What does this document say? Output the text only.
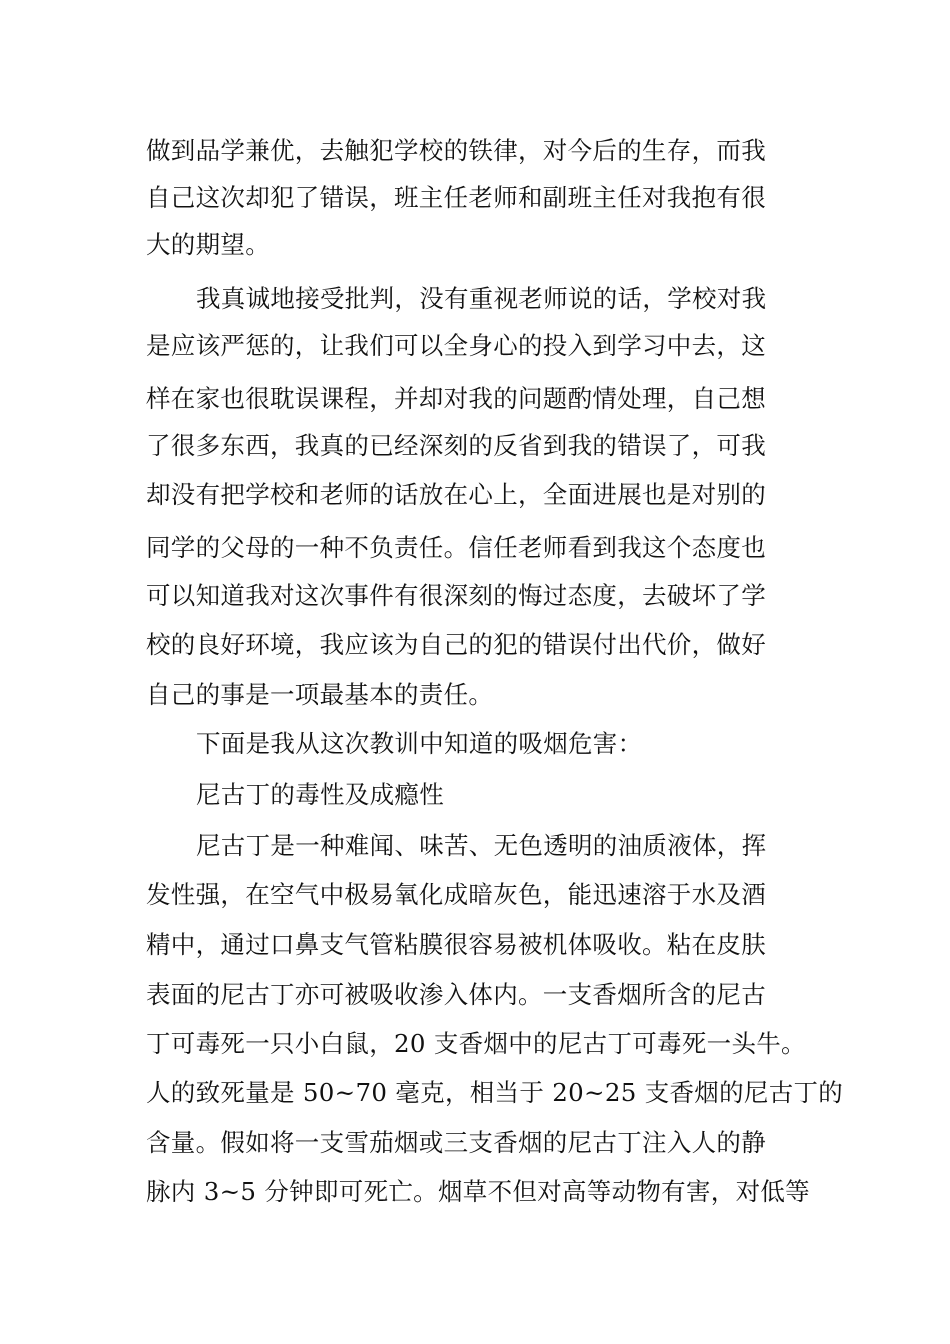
做到品学兼优，去触犯学校的铁律，对今后的生存，而我
自己这次却犯了错误，班主任老师和副班主任对我抱有很
大的期望。
我真诚地接受批判，没有重视老师说的话，学校对我
是应该严惩的，让我们可以全身心的投入到学习中去，这
样在家也很耽误课程，并却对我的问题酌情处理，自己想
了很多东西，我真的已经深刻的反省到我的错误了，可我
却没有把学校和老师的话放在心上，全面进展也是对别的
同学的父母的一种不负责任。信任老师看到我这个态度也
可以知道我对这次事件有很深刻的悔过态度，去破坏了学
校的良好环境，我应该为自己的犯的错误付出代价，做好
自己的事是一项最基本的责任。
下面是我从这次教训中知道的吸烟危害：
尼古丁的毒性及成瘾性
尼古丁是一种难闻、味苦、无色透明的油质液体，挥
发性强，在空气中极易氧化成暗灰色，能迅速溶于水及酒
精中，通过口鼻支气管粘膜很容易被机体吸收。粘在皮肤
表面的尼古丁亦可被吸收渗入体内。一支香烟所含的尼古
丁可毒死一只小白鼠，20 支香烟中的尼古丁可毒死一头牛。
人的致死量是 50~70 毫克，相当于 20~25 支香烟的尼古丁的
含量。假如将一支雪茄烟或三支香烟的尼古丁注入人的静
脉内 3~5 分钟即可死亡。烟草不但对高等动物有害，对低等
